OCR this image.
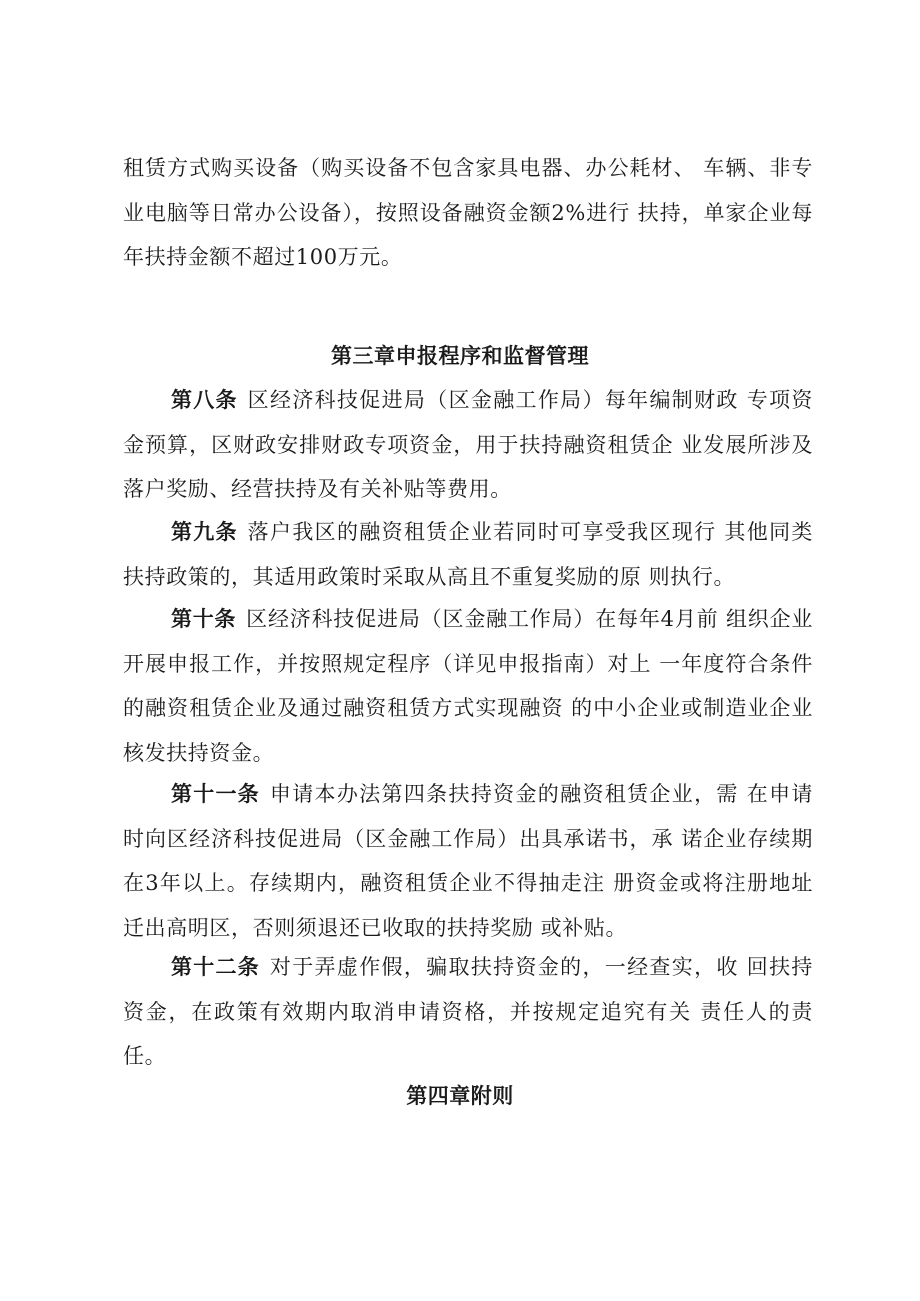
租赁方式购买设备（购买设备不包含家具电器、办公耗材、 车辆、非专业电脑等日常办公设备），按照设备融资金额2%进行 扶持，单家企业每年扶持金额不超过100万元。

第三章申报程序和监督管理

第八条 区经济科技促进局（区金融工作局）每年编制财政 专项资金预算，区财政安排财政专项资金，用于扶持融资租赁企 业发展所涉及落户奖励、经营扶持及有关补贴等费用。

第九条 落户我区的融资租赁企业若同时可享受我区现行 其他同类扶持政策的，其适用政策时采取从高且不重复奖励的原 则执行。

第十条 区经济科技促进局（区金融工作局）在每年4月前 组织企业开展申报工作，并按照规定程序（详见申报指南）对上 一年度符合条件的融资租赁企业及通过融资租赁方式实现融资 的中小企业或制造业企业核发扶持资金。

第十一条 申请本办法第四条扶持资金的融资租赁企业，需 在申请时向区经济科技促进局（区金融工作局）出具承诺书，承 诺企业存续期在3年以上。存续期内，融资租赁企业不得抽走注 册资金或将注册地址迁出高明区，否则须退还已收取的扶持奖励 或补贴。

第十二条 对于弄虚作假，骗取扶持资金的，一经查实，收 回扶持资金，在政策有效期内取消申请资格，并按规定追究有关 责任人的责任。

第四章附则
